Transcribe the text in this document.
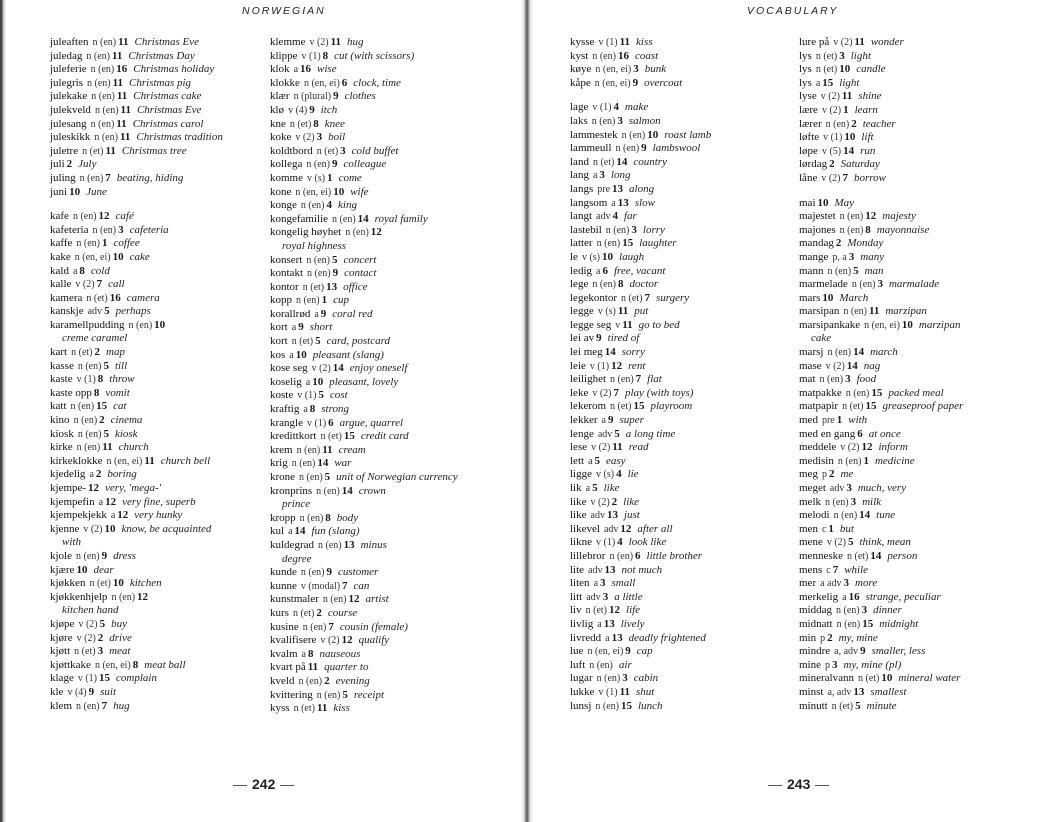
NORWEGIAN
juleaften n (en) 11 Christmas Eve
juledag n (en) 11 Christmas Day
juleferie n (en) 16 Christmas holiday
julegris n (en) 11 Christmas pig
julekake n (en) 11 Christmas cake
julekveld n (en) 11 Christmas Eve
julesang n (en) 11 Christmas carol
juleskikk n (en) 11 Christmas tradition
juletre n (et) 11 Christmas tree
juli 2 July
juling n (en) 7 beating, hiding
juni 10 June
kafe n (en) 12 café
kafeteria n (en) 3 cafeteria
kaffe n (en) 1 coffee
kake n (en, ei) 10 cake
kald a 8 cold
kalle v (2) 7 call
kamera n (et) 16 camera
kanskje adv 5 perhaps
karamellpudding n (en) 10
creme caramel
kart n (et) 2 map
kasse n (en) 5 till
kaste v (1) 8 throw
kaste opp 8 vomit
katt n (en) 15 cat
kino n (en) 2 cinema
kiosk n (en) 5 kiosk
kirke n (en) 11 church
kirkeklokke n (en, ei) 11 church bell
kjedelig a 2 boring
kjempe- 12 very, 'mega-'
kjempefin a 12 very fine, superb
kjempekjekk a 12 very hunky
kjenne v (2) 10 know, be acquainted
with
kjole n (en) 9 dress
kjære 10 dear
kjøkken n (et) 10 kitchen
kjøkkenhjelp n (en) 12
kitchen hand
kjøpe v (2) 5 buy
kjøre v (2) 2 drive
kjøtt n (et) 3 meat
kjøttkake n (en, ei) 8 meat ball
klage v (1) 15 complain
kle v (4) 9 suit
klem n (en) 7 hug
klemme v (2) 11 hug
klippe v (1) 8 cut (with scissors)
klok a 16 wise
klokke n (en, ei) 6 clock, time
klær n (plural) 9 clothes
klø v (4) 9 itch
kne n (et) 8 knee
koke v (2) 3 boil
koldtbord n (et) 3 cold buffet
kollega n (en) 9 colleague
komme v (s) 1 come
kone n (en, ei) 10 wife
konge n (en) 4 king
kongefamilie n (en) 14 royal family
kongelig høyhet n (en) 12
royal highness
konsert n (en) 5 concert
kontakt n (en) 9 contact
kontor n (et) 13 office
kopp n (en) 1 cup
korallrød a 9 coral red
kort a 9 short
kort n (et) 5 card, postcard
kos a 10 pleasant (slang)
kose seg v (2) 14 enjoy oneself
koselig a 10 pleasant, lovely
koste v (1) 5 cost
kraftig a 8 strong
krangle v (1) 6 argue, quarrel
kredittkort n (et) 15 credit card
krem n (en) 11 cream
krig n (en) 14 war
krone n (en) 5 unit of Norwegian currency
kronprins n (en) 14 crown
prince
kropp n (en) 8 body
kul a 14 fun (slang)
kuldegrad n (en) 13 minus
degree
kunde n (en) 9 customer
kunne v (modal) 7 can
kunstmaler n (en) 12 artist
kurs n (et) 2 course
kusine n (en) 7 cousin (female)
kvalifisere v (2) 12 qualify
kvalm a 8 nauseous
kvart på 11 quarter to
kveld n (en) 2 evening
kvittering n (en) 5 receipt
kyss n (et) 11 kiss
242
VOCABULARY
kysse v (1) 11 kiss
kyst n (en) 16 coast
køye n (en, ei) 3 bunk
kåpe n (en, ei) 9 overcoat
lage v (1) 4 make
laks n (en) 3 salmon
lammestek n (en) 10 roast lamb
lammeull n (en) 9 lambswool
land n (et) 14 country
lang a 3 long
langs pre 13 along
langsom a 13 slow
langt adv 4 far
lastebil n (en) 3 lorry
latter n (en) 15 laughter
le v (s) 10 laugh
ledig a 6 free, vacant
lege n (en) 8 doctor
legekontor n (et) 7 surgery
legge v (s) 11 put
legge seg v 11 go to bed
lei av 9 tired of
lei meg 14 sorry
leie v (1) 12 rent
leilighet n (en) 7 flat
leke v (2) 7 play (with toys)
lekerom n (et) 15 playroom
lekker a 9 super
lenge adv 5 a long time
lese v (2) 11 read
lett a 5 easy
ligge v (s) 4 lie
lik a 5 like
like v (2) 2 like
like adv 13 just
likevel adv 12 after all
likne v (1) 4 look like
lillebror n (en) 6 little brother
lite adv 13 not much
liten a 3 small
litt adv 3 a little
liv n (et) 12 life
livlig a 13 lively
livredd a 13 deadly frightened
lue n (en, ei) 9 cap
luft n (en) air
lugar n (en) 3 cabin
lukke v (1) 11 shut
lunsj n (en) 15 lunch
lure på v (2) 11 wonder
lys n (et) 3 light
lys n (et) 10 candle
lys a 15 light
lyse v (2) 11 shine
lære v (2) 1 learn
lærer n (en) 2 teacher
løfte v (1) 10 lift
løpe v (5) 14 run
lørdag 2 Saturday
låne v (2) 7 borrow
mai 10 May
majestet n (en) 12 majesty
majones n (en) 8 mayonnaise
mandag 2 Monday
mange p, a 3 many
mann n (en) 5 man
marmelade n (en) 3 marmalade
mars 10 March
marsipan n (en) 11 marzipan
marsipankake n (en, ei) 10 marzipan
cake
marsj n (en) 14 march
mase v (2) 14 nag
mat n (en) 3 food
matpakke n (en) 15 packed meal
matpapir n (et) 15 greaseproof paper
med pre 1 with
med en gang 6 at once
meddele v (2) 12 inform
medisin n (en) 1 medicine
meg p 2 me
meget adv 3 much, very
melk n (en) 3 milk
melodi n (en) 14 tune
men c 1 but
mene v (2) 5 think, mean
menneske n (et) 14 person
mens c 7 while
mer a adv 3 more
merkelig a 16 strange, peculiar
middag n (en) 3 dinner
midnatt n (en) 15 midnight
min p 2 my, mine
mindre a, adv 9 smaller, less
mine p 3 my, mine (pl)
mineralvann n (et) 10 mineral water
minst a, adv 13 smallest
minutt n (et) 5 minute
243
